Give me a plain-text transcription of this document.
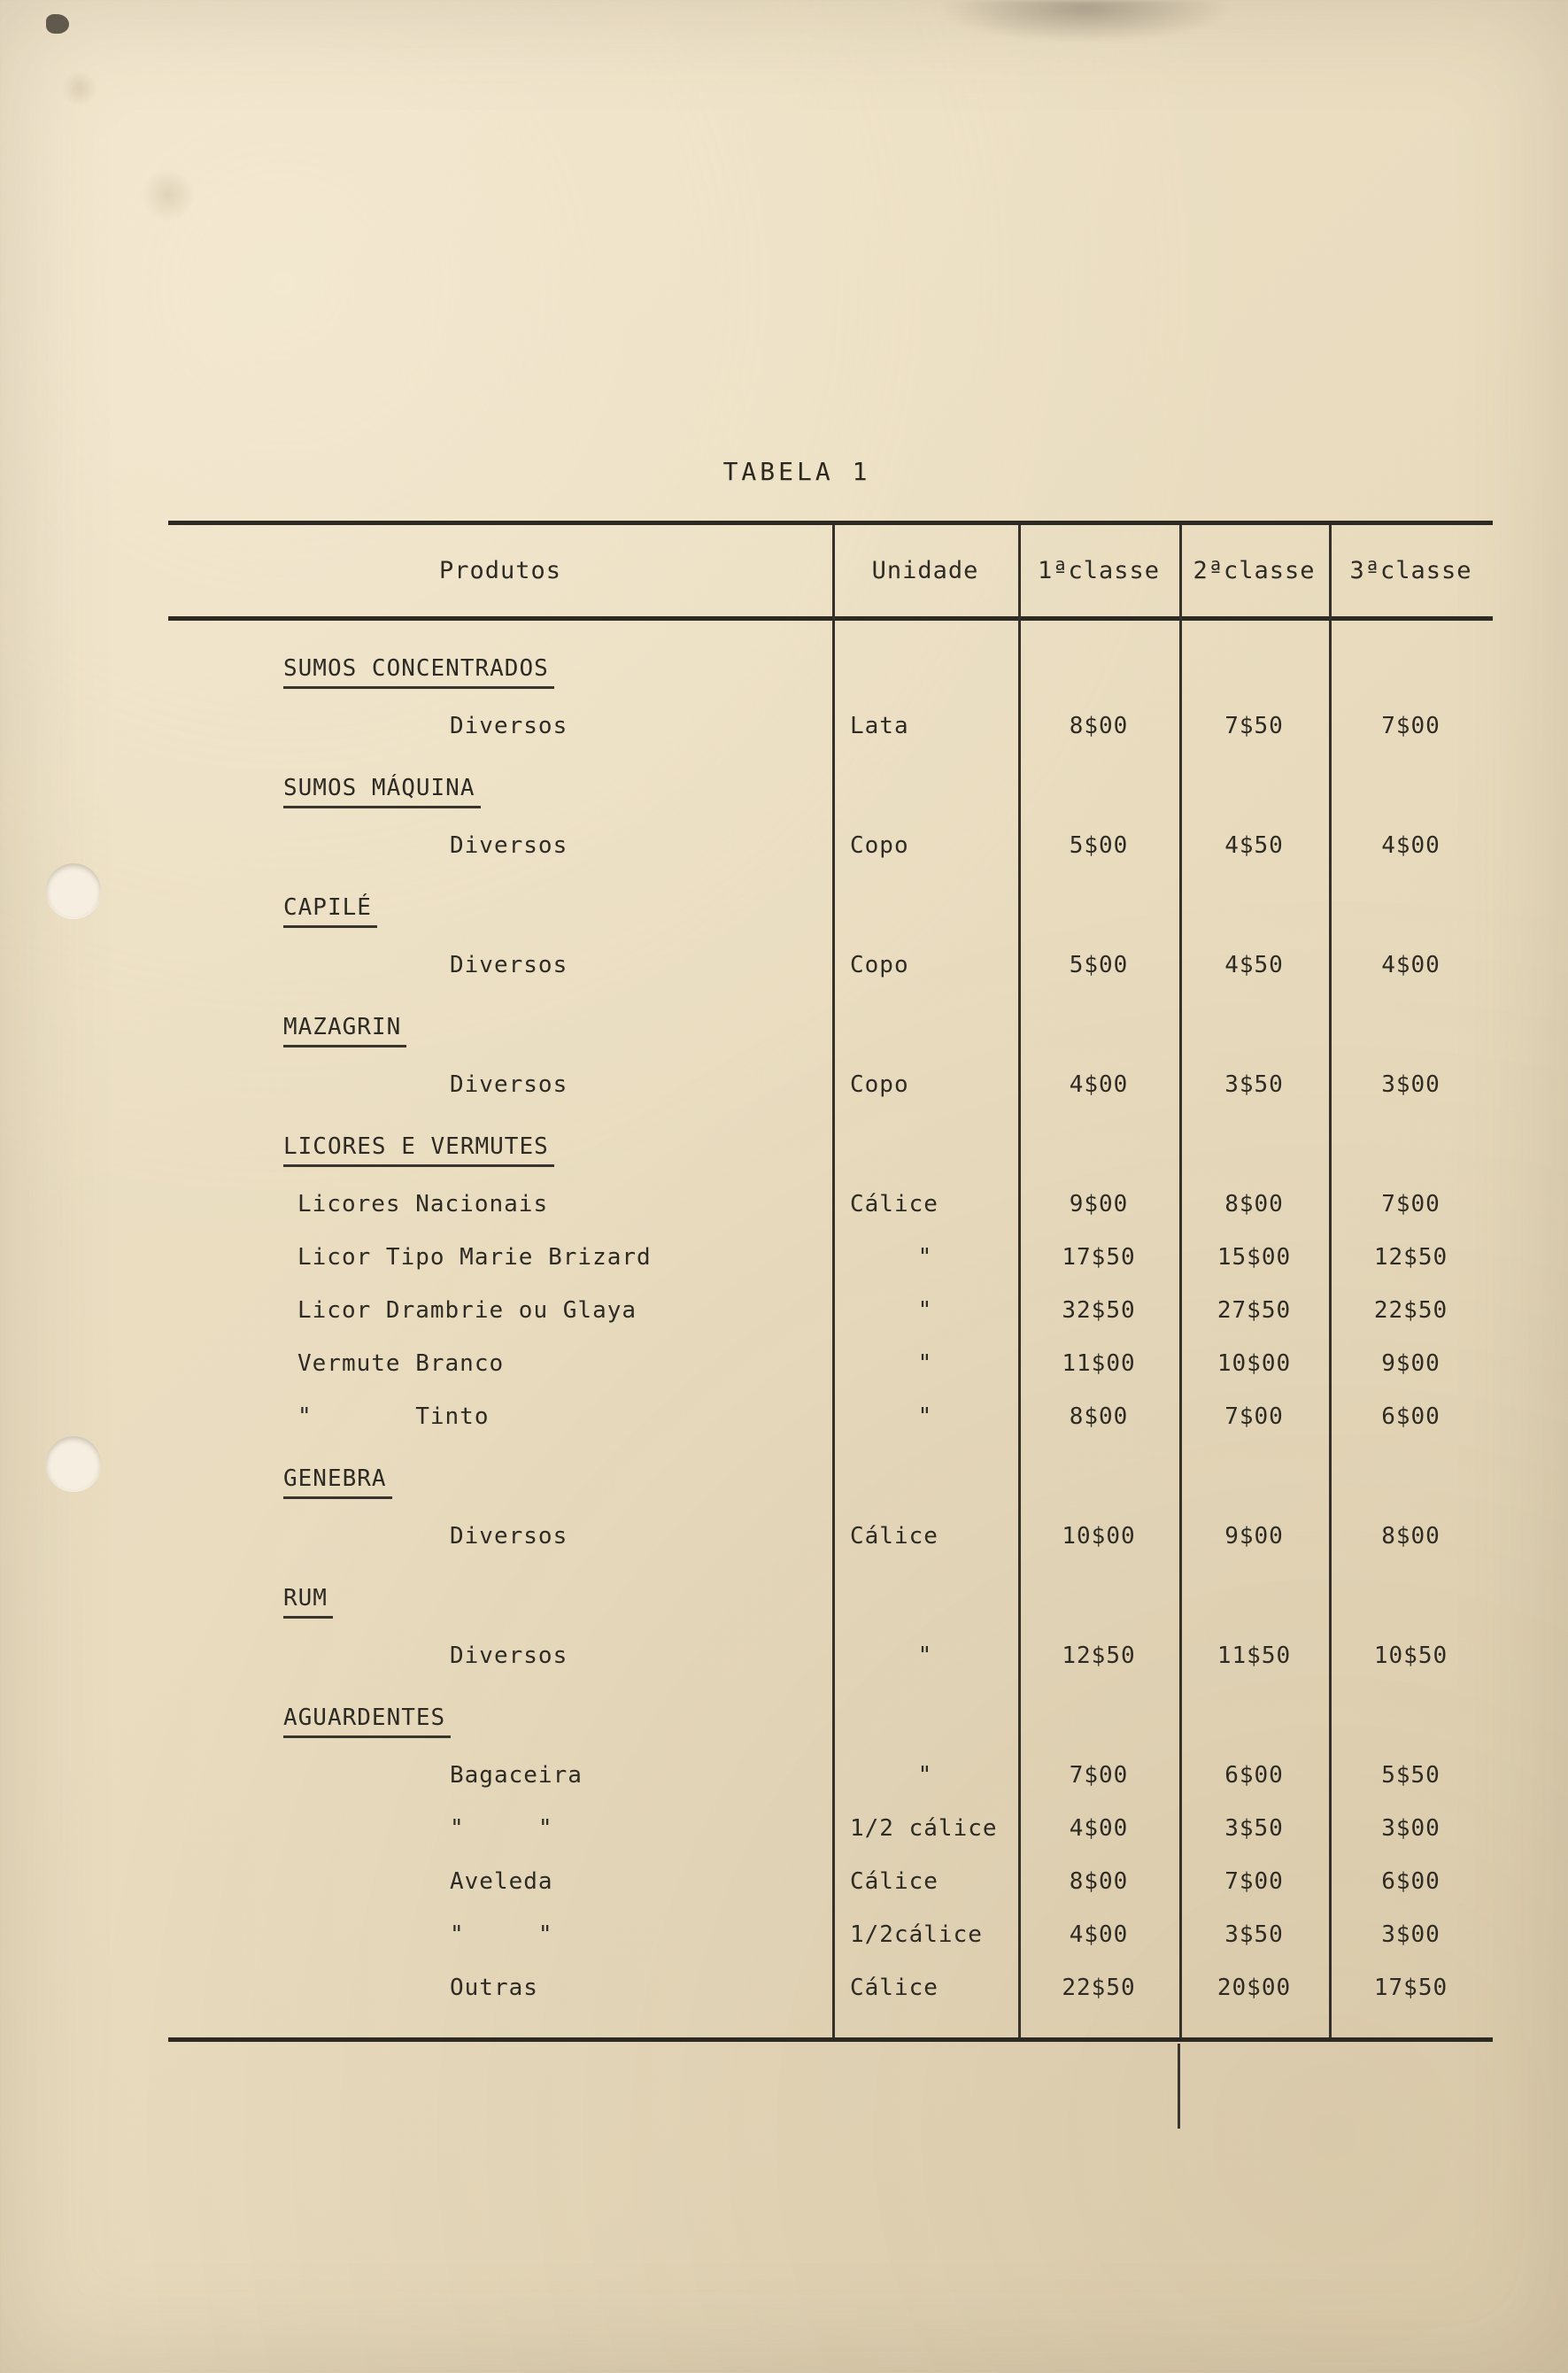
TABELA 1
Produtos	Unidade	1ªclasse	2ªclasse	3ªclasse
SUMOS CONCENTRADOS
Diversos	Lata	8$00	7$50	7$00
SUMOS MÁQUINA
Diversos	Copo	5$00	4$50	4$00
CAPILÉ
Diversos	Copo	5$00	4$50	4$00
MAZAGRIN
Diversos	Copo	4$00	3$50	3$00
LICORES E VERMUTES
Licores Nacionais	Cálice	9$00	8$00	7$00
Licor Tipo Marie Brizard	"	17$50	15$00	12$50
Licor Drambrie ou Glaya	"	32$50	27$50	22$50
Vermute Branco	"	11$00	10$00	9$00
"       Tinto	"	8$00	7$00	6$00
GENEBRA
Diversos	Cálice	10$00	9$00	8$00
RUM
Diversos	"	12$50	11$50	10$50
AGUARDENTES
Bagaceira	"	7$00	6$00	5$50
"     "	1/2 cálice	4$00	3$50	3$00
Aveleda	Cálice	8$00	7$00	6$00
"     "	1/2cálice	4$00	3$50	3$00
Outras	Cálice	22$50	20$00	17$50
